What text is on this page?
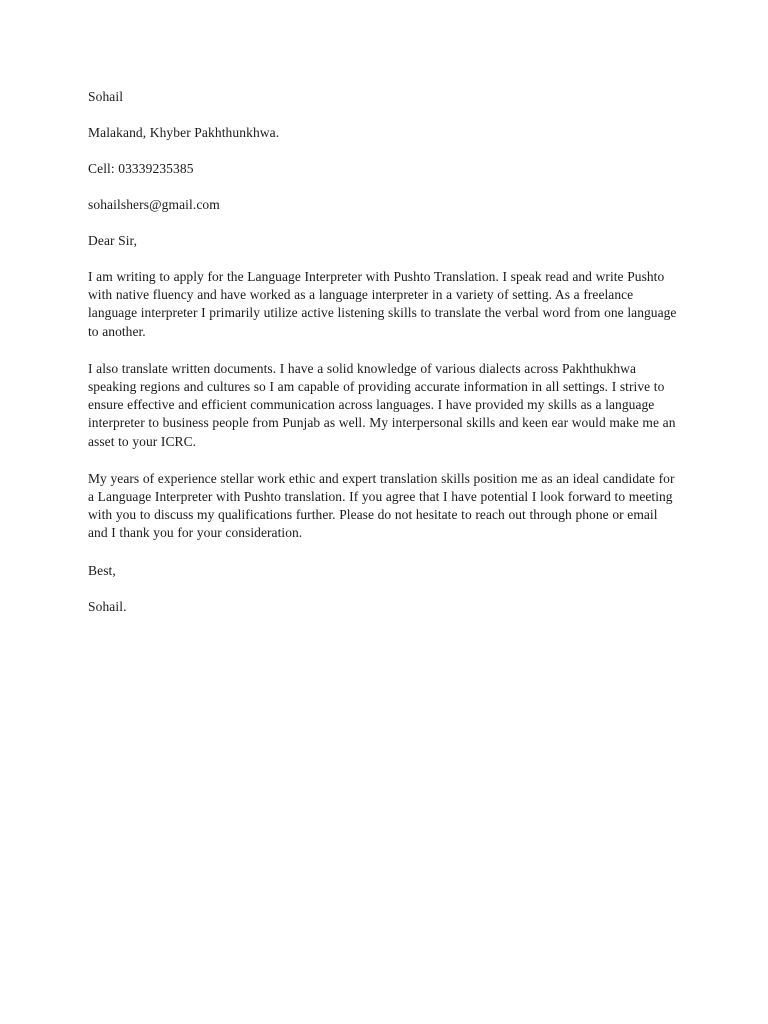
Sohail

Malakand, Khyber Pakhthunkhwa.

Cell: 03339235385

sohailshers@gmail.com

Dear Sir,

I am writing to apply for the Language Interpreter with Pushto Translation. I speak read and write Pushto with native fluency and have worked as a language interpreter in a variety of setting. As a freelance language interpreter I primarily utilize active listening skills to translate the verbal word from one language to another.

I also translate written documents. I have a solid knowledge of various dialects across Pakhthukhwa speaking regions and cultures so I am capable of providing accurate information in all settings. I strive to ensure effective and efficient communication across languages. I have provided my skills as a language interpreter to business people from Punjab as well. My interpersonal skills and keen ear would make me an asset to your ICRC.

My years of experience stellar work ethic and expert translation skills position me as an ideal candidate for a Language Interpreter with Pushto translation. If you agree that I have potential I look forward to meeting with you to discuss my qualifications further. Please do not hesitate to reach out through phone or email and I thank you for your consideration.

Best,

Sohail.
